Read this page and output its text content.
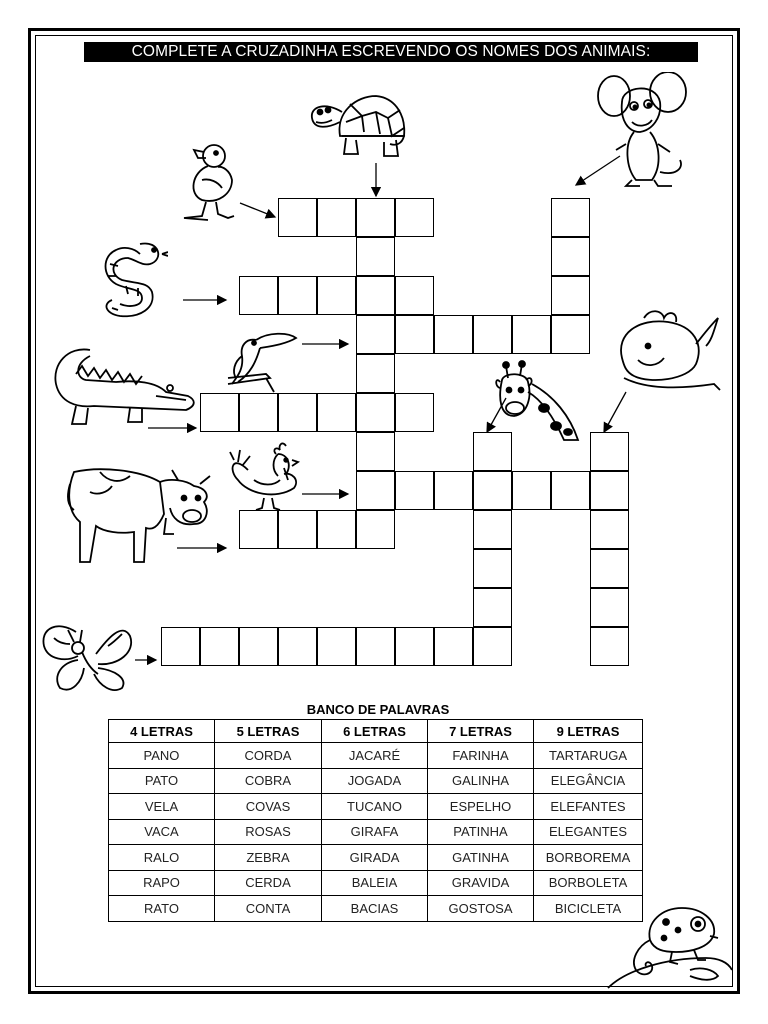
COMPLETE A CRUZADINHA ESCREVENDO OS NOMES DOS ANIMAIS:
BANCO DE PALAVRAS
4 LETRAS	5 LETRAS	6 LETRAS	7 LETRAS	9 LETRAS
PANO	CORDA	JACARÉ	FARINHA	TARTARUGA
PATO	COBRA	JOGADA	GALINHA	ELEGÂNCIA
VELA	COVAS	TUCANO	ESPELHO	ELEFANTES
VACA	ROSAS	GIRAFA	PATINHA	ELEGANTES
RALO	ZEBRA	GIRADA	GATINHA	BORBOREMA
RAPO	CERDA	BALEIA	GRAVIDA	BORBOLETA
RATO	CONTA	BACIAS	GOSTOSA	BICICLETA
